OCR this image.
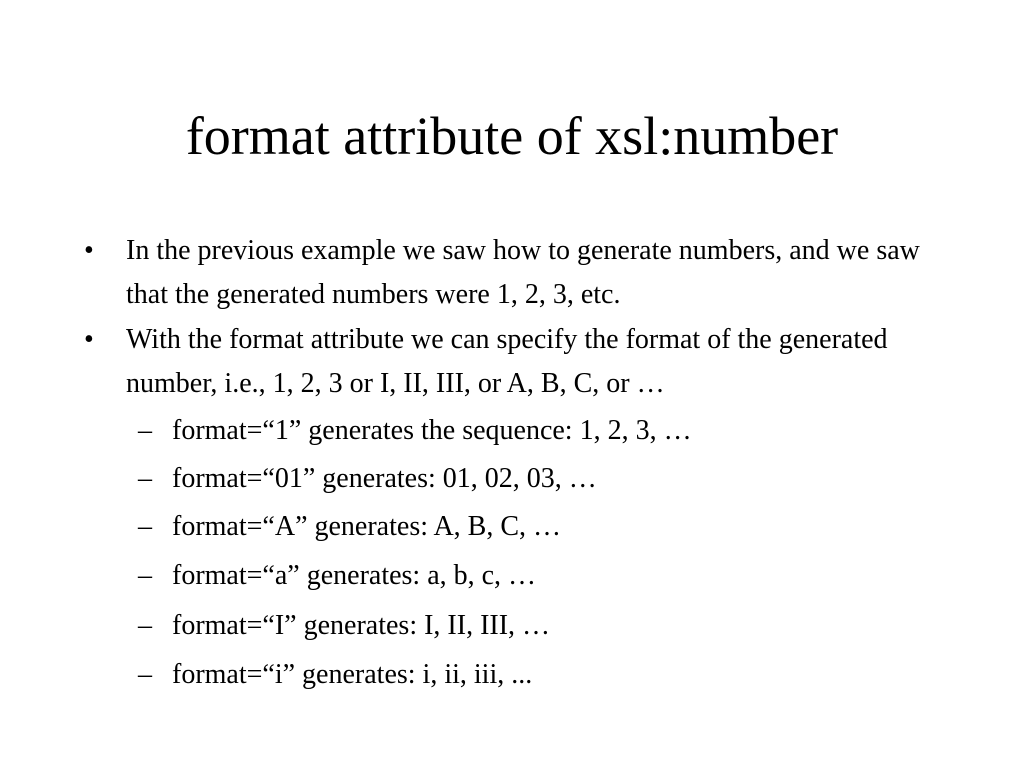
format attribute of xsl:number
•	In the previous example we saw how to generate numbers, and we saw that the generated numbers were 1, 2, 3, etc.
•	With the format attribute we can specify the format of the generated number, i.e., 1, 2, 3 or I, II, III, or A, B, C, or …
– format=“1” generates the sequence: 1, 2, 3, …
– format=“01” generates: 01, 02, 03, …
– format=“A” generates: A, B, C, …
– format=“a” generates: a, b, c, …
– format=“I” generates: I, II, III, …
– format=“i” generates: i, ii, iii, ...
